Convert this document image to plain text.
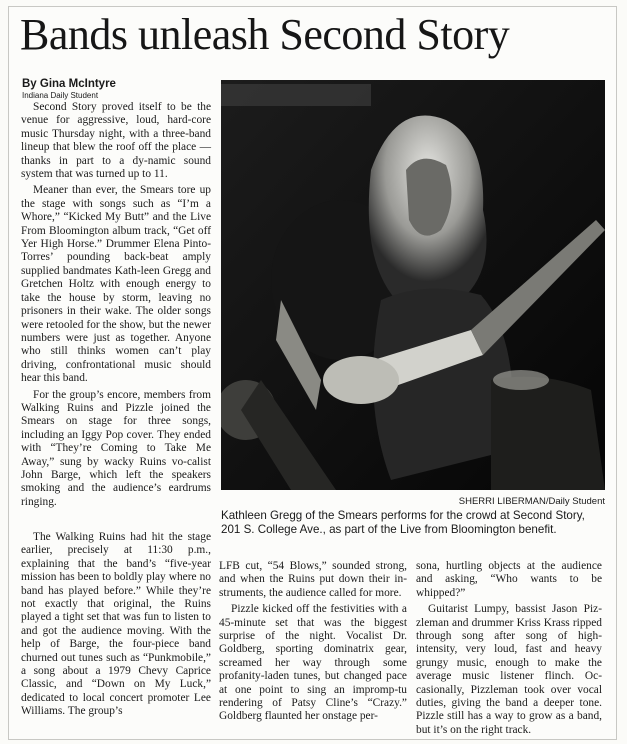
Bands unleash Second Story
By Gina McIntyre
Indiana Daily Student

Second Story proved itself to be the venue for aggressive, loud, hard-core music Thursday night, with a three-band lineup that blew the roof off the place — thanks in part to a dy-namic sound system that was turned up to 11.

Meaner than ever, the Smears tore up the stage with songs such as “I’m a Whore,” “Kicked My Butt” and the Live From Bloomington album track, “Get off Yer High Horse.” Drummer Elena Pinto-Torres’ pounding back-beat amply supplied bandmates Kath-leen Gregg and Gretchen Holtz with enough energy to take the house by storm, leaving no prisoners in their wake. The older songs were retooled for the show, but the newer numbers were just as together. Anyone who still thinks women can’t play driving, confrontational music should hear this band.

For the group’s encore, members from Walking Ruins and Pizzle joined the Smears on stage for three songs, including an Iggy Pop cover. They ended with “They’re Coming to Take Me Away,” sung by wacky Ruins vo-calist John Barge, which left the speakers smoking and the audience’s eardrums ringing.	SHERRI LIBERMAN/Daily Student
Kathleen Gregg of the Smears performs for the crowd at Second Story, 201 S. College Ave., as part of the Live from Bloomington benefit.

The Walking Ruins had hit the stage earlier, precisely at 11:30 p.m., explaining that the band’s “five-year mission has been to boldly play where no band has played before.” While they’re not exactly that original, the Ruins played a tight set that was fun to listen to and got the audience moving. With the help of Barge, the four-piece band churned out tunes such as “Punkmobile,” a song about a 1979 Chevy Caprice Classic, and “Down on My Luck,” dedicated to local concert promoter Lee Williams. The group’s

LFB cut, “54 Blows,” sounded strong, and when the Ruins put down their in-struments, the audience called for more.

Pizzle kicked off the festivities with a 45-minute set that was the biggest surprise of the night. Vocalist Dr. Goldberg, sporting dominatrix gear, screamed her way through some profanity-laden tunes, but changed pace at one point to sing an impromp-tu rendering of Patsy Cline’s “Crazy.” Goldberg flaunted her onstage per-

sona, hurtling objects at the audience and asking, “Who wants to be whipped?”

Guitarist Lumpy, bassist Jason Piz-zleman and drummer Kriss Krass ripped through song after song of high-intensity, very loud, fast and heavy grungy music, enough to make the average music listener flinch. Oc-casionally, Pizzleman took over vocal duties, giving the band a deeper tone. Pizzle still has a way to grow as a band, but it’s on the right track.
